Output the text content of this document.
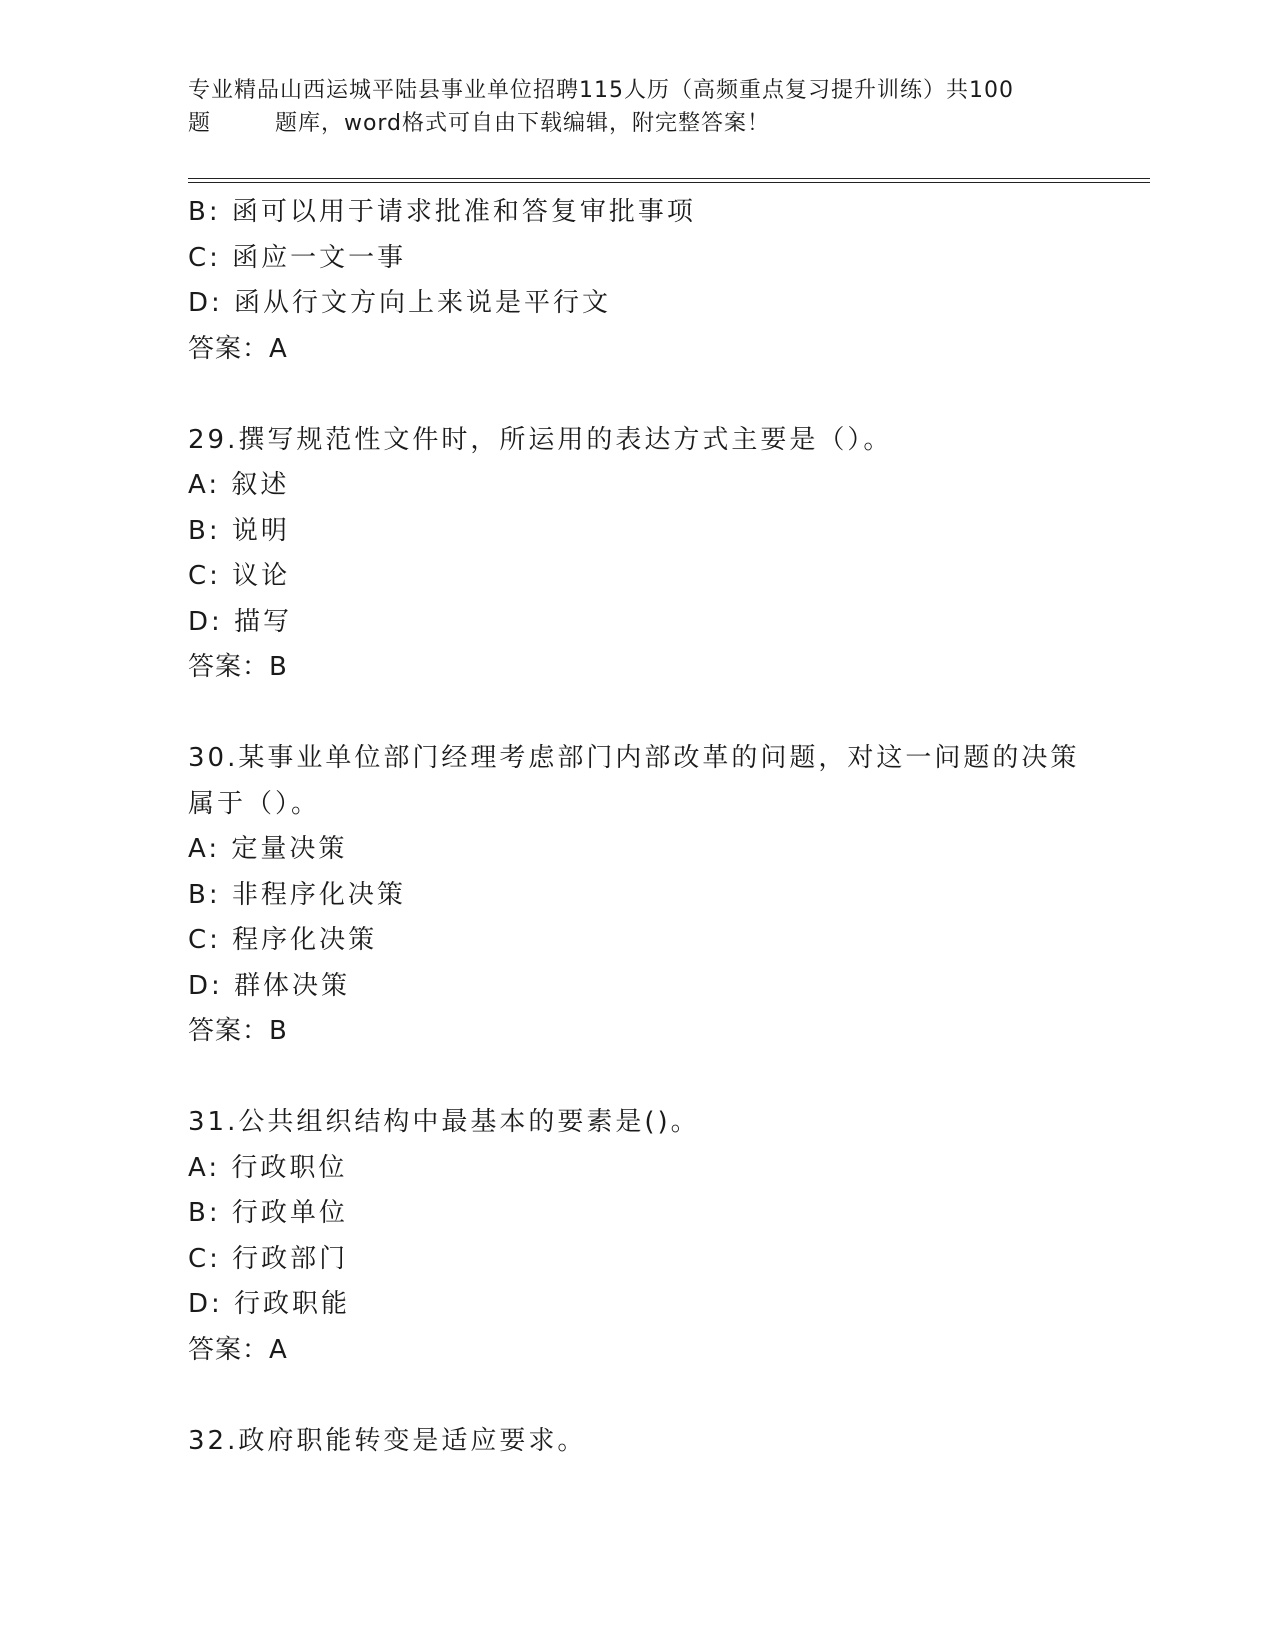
专业精品山西运城平陆县事业单位招聘115人历（高频重点复习提升训练）共100
题        题库，word格式可自由下载编辑，附完整答案！
B: 函可以用于请求批准和答复审批事项
C: 函应一文一事
D: 函从行文方向上来说是平行文
答案：A
29.撰写规范性文件时，所运用的表达方式主要是（）。
A: 叙述
B: 说明
C: 议论
D: 描写
答案：B
30.某事业单位部门经理考虑部门内部改革的问题，对这一问题的决策
属于（）。
A: 定量决策
B: 非程序化决策
C: 程序化决策
D: 群体决策
答案：B
31.公共组织结构中最基本的要素是()。
A: 行政职位
B: 行政单位
C: 行政部门
D: 行政职能
答案：A
32.政府职能转变是适应要求。
